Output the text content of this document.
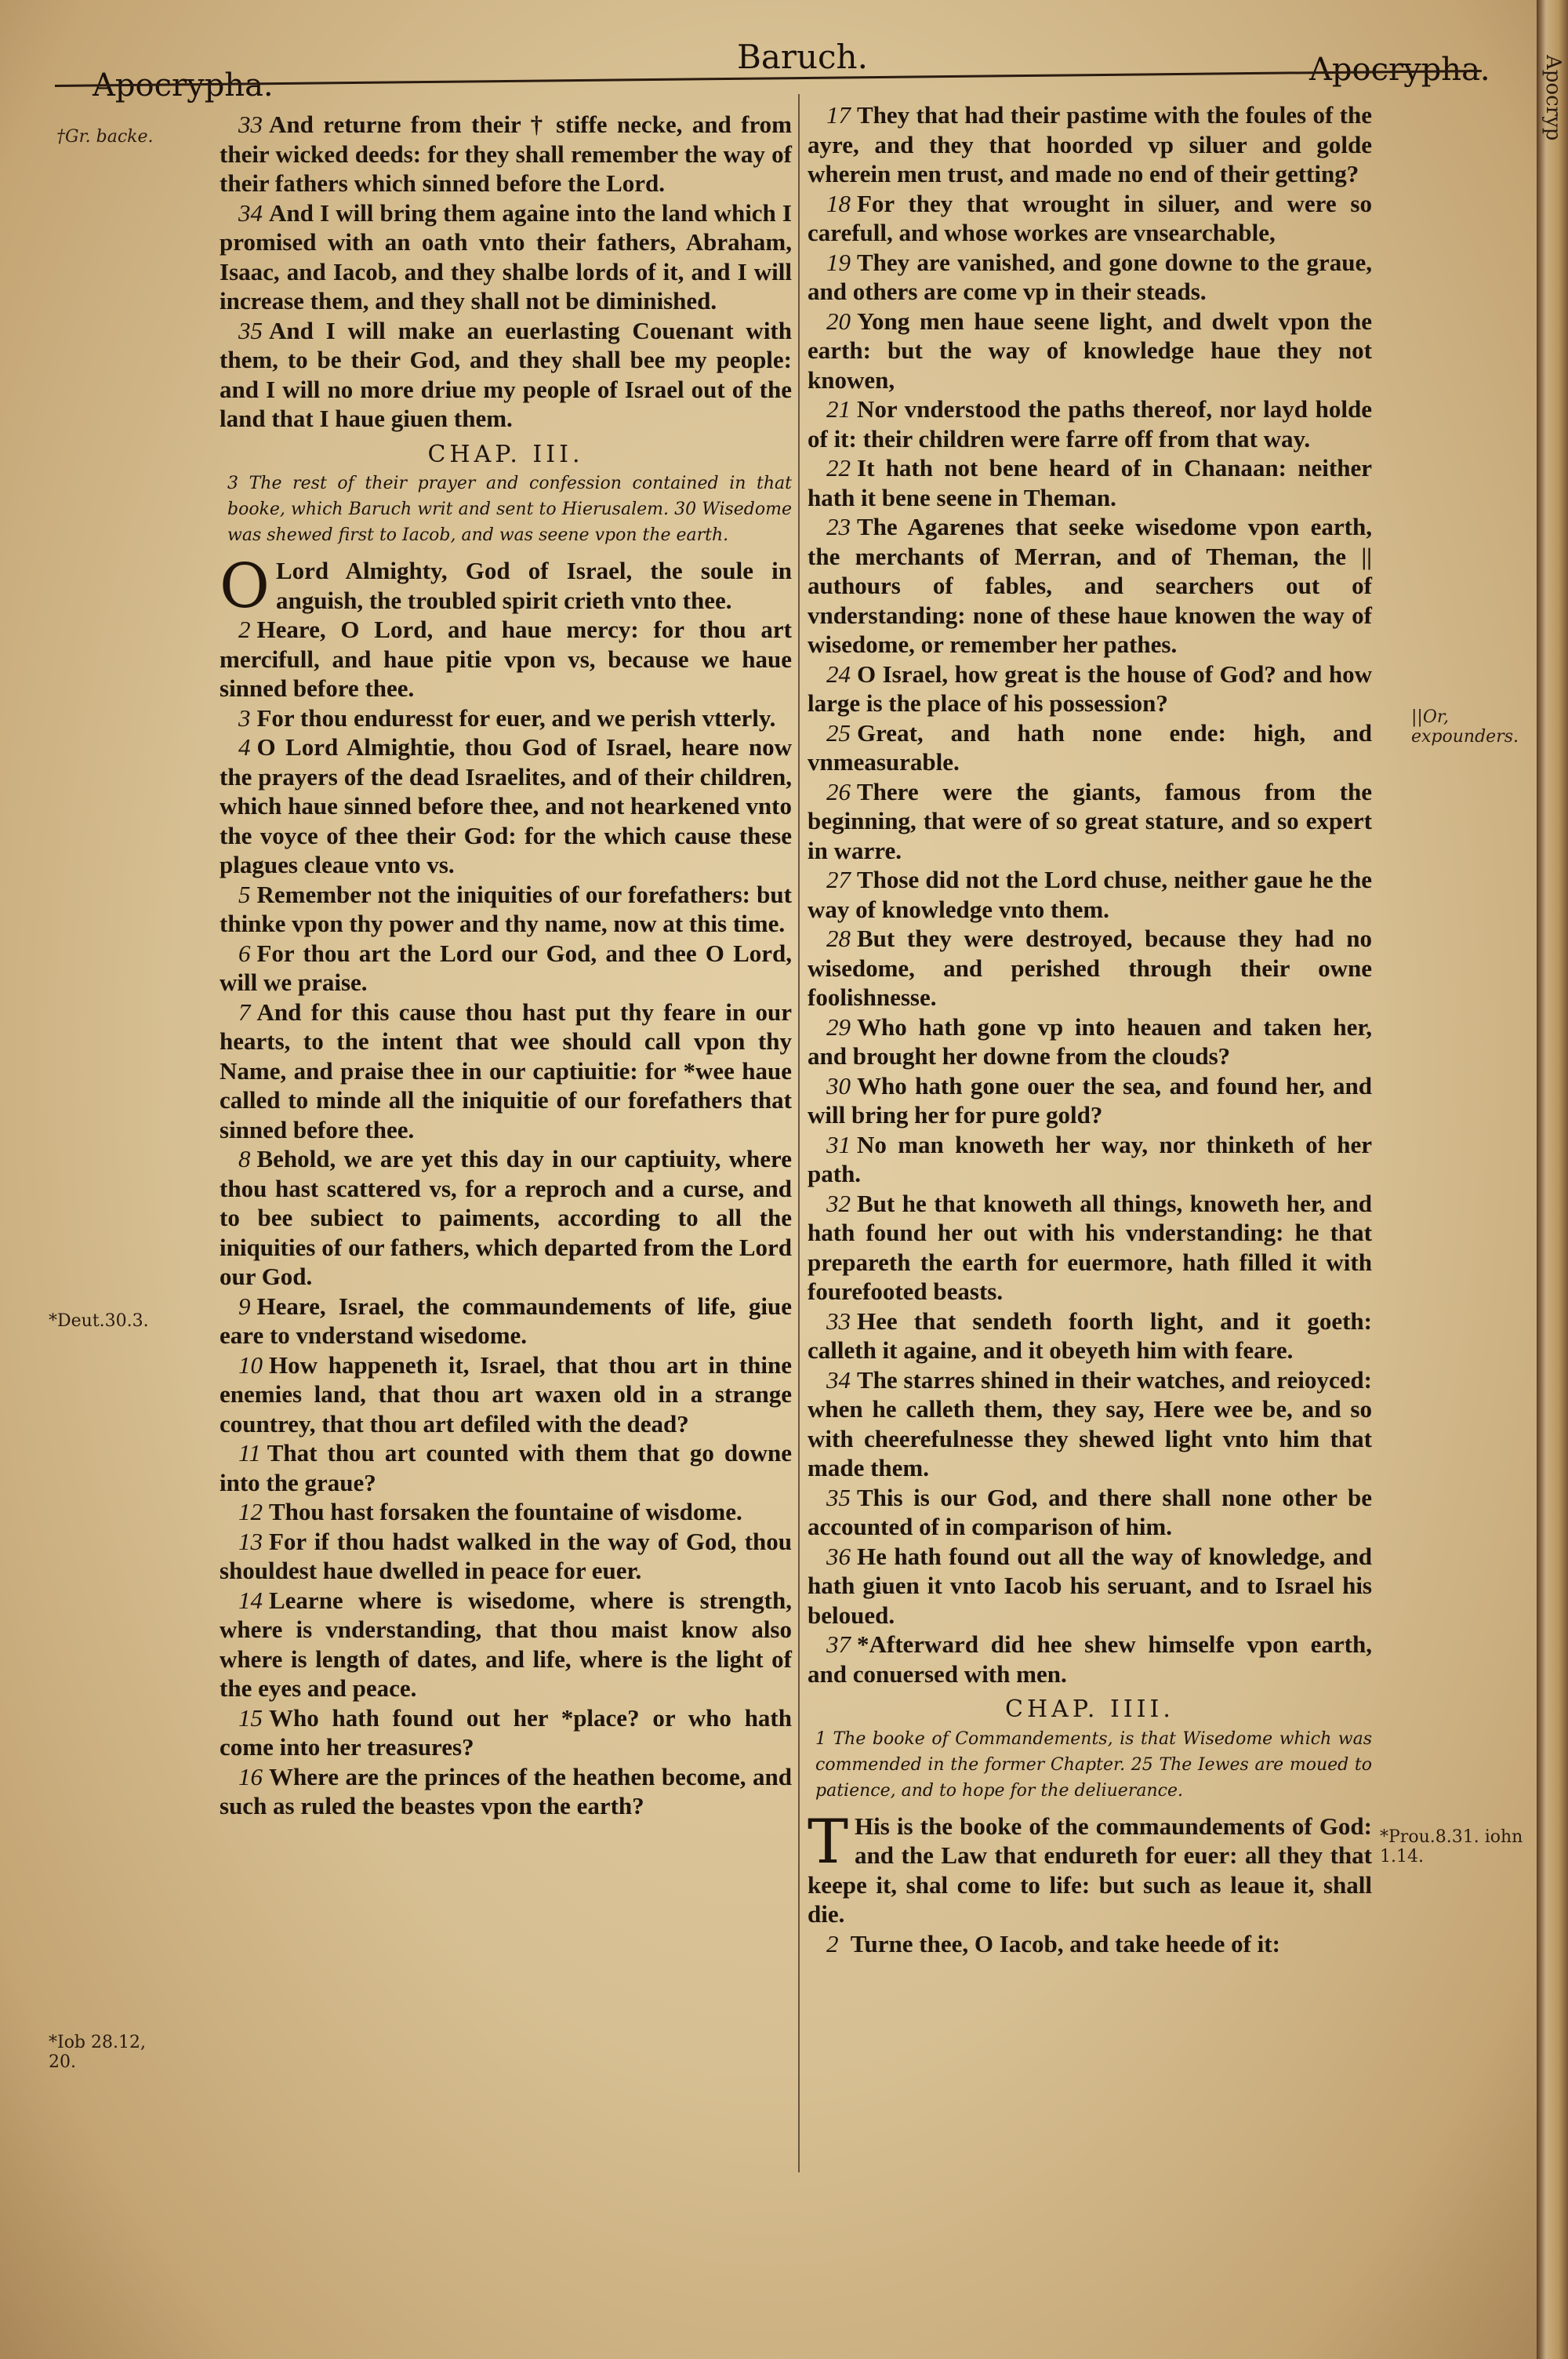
Apocrypha.
Baruch.	Apocrypha.
†Gr. backe.
*Deut.30.3.
*Iob 28.12, 20.
||Or, expounders.
*Prou.8.31. iohn 1.14.

33 And returne from their † stiffe necke, and from their wicked deeds: for they shall remember the way of their fathers which sinned before the Lord.

34 And I will bring them againe into the land which I promised with an oath vnto their fathers, Abraham, Isaac, and Iacob, and they shalbe lords of it, and I will increase them, and they shall not be diminished.

35 And I will make an euerlasting Couenant with them, to be their God, and they shall bee my people: and I will no more driue my people of Israel out of the land that I haue giuen them.

CHAP. III.
3 The rest of their prayer and confession contained in that booke, which Baruch writ and sent to Hierusalem. 30 Wisedome was shewed first to Iacob, and was seene vpon the earth.

O Lord Almighty, God of Israel, the soule in anguish, the troubled spirit crieth vnto thee.

2 Heare, O Lord, and haue mercy: for thou art mercifull, and haue pitie vpon vs, because we haue sinned before thee.

3 For thou enduresst for euer, and we perish vtterly.

4 O Lord Almightie, thou God of Israel, heare now the prayers of the dead Israelites, and of their children, which haue sinned before thee, and not hearkened vnto the voyce of thee their God: for the which cause these plagues cleaue vnto vs.

5 Remember not the iniquities of our forefathers: but thinke vpon thy power and thy name, now at this time.

6 For thou art the Lord our God, and thee O Lord, will we praise.

7 And for this cause thou hast put thy feare in our hearts, to the intent that wee should call vpon thy Name, and praise thee in our captiuitie: for *wee haue called to minde all the iniquitie of our forefathers that sinned before thee.

8 Behold, we are yet this day in our captiuity, where thou hast scattered vs, for a reproch and a curse, and to bee subiect to paiments, according to all the iniquities of our fathers, which departed from the Lord our God.

9 Heare, Israel, the commaundements of life, giue eare to vnderstand wisedome.

10 How happeneth it, Israel, that thou art in thine enemies land, that thou art waxen old in a strange countrey, that thou art defiled with the dead?

11 That thou art counted with them that go downe into the graue?

12 Thou hast forsaken the fountaine of wisdome.

13 For if thou hadst walked in the way of God, thou shouldest haue dwelled in peace for euer.

14 Learne where is wisedome, where is strength, where is vnderstanding, that thou maist know also where is length of dates, and life, where is the light of the eyes and peace.

15 Who hath found out her *place? or who hath come into her treasures?

16 Where are the princes of the heathen become, and such as ruled the beastes vpon the earth?

17 They that had their pastime with the foules of the ayre, and they that hoorded vp siluer and golde wherein men trust, and made no end of their getting?

18 For they that wrought in siluer, and were so carefull, and whose workes are vnsearchable,

19 They are vanished, and gone downe to the graue, and others are come vp in their steads.

20 Yong men haue seene light, and dwelt vpon the earth: but the way of knowledge haue they not knowen,

21 Nor vnderstood the paths thereof, nor layd holde of it: their children were farre off from that way.

22 It hath not bene heard of in Chanaan: neither hath it bene seene in Theman.

23 The Agarenes that seeke wisedome vpon earth, the merchants of Merran, and of Theman, the || authours of fables, and searchers out of vnderstanding: none of these haue knowen the way of wisedome, or remember her pathes.

24 O Israel, how great is the house of God? and how large is the place of his possession?

25 Great, and hath none ende: high, and vnmeasurable.

26 There were the giants, famous from the beginning, that were of so great stature, and so expert in warre.

27 Those did not the Lord chuse, neither gaue he the way of knowledge vnto them.

28 But they were destroyed, because they had no wisedome, and perished through their owne foolishnesse.

29 Who hath gone vp into heauen and taken her, and brought her downe from the clouds?

30 Who hath gone ouer the sea, and found her, and will bring her for pure gold?

31 No man knoweth her way, nor thinketh of her path.

32 But he that knoweth all things, knoweth her, and hath found her out with his vnderstanding: he that prepareth the earth for euermore, hath filled it with fourefooted beasts.

33 Hee that sendeth foorth light, and it goeth: calleth it againe, and it obeyeth him with feare.

34 The starres shined in their watches, and reioyced: when he calleth them, they say, Here wee be, and so with cheerefulnesse they shewed light vnto him that made them.

35 This is our God, and there shall none other be accounted of in comparison of him.

36 He hath found out all the way of knowledge, and hath giuen it vnto Iacob his seruant, and to Israel his beloued.

37 *Afterward did hee shew himselfe vpon earth, and conuersed with men.

CHAP. IIII.
1 The booke of Commandements, is that Wisedome which was commended in the former Chapter. 25 The Iewes are moued to patience, and to hope for the deliuerance.

T His is the booke of the commaundements of God: and the Law that endureth for euer: all they that keepe it, shal come to life: but such as leaue it, shall die.

2 Turne thee, O Iacob, and take heede of it:

Apocryp
